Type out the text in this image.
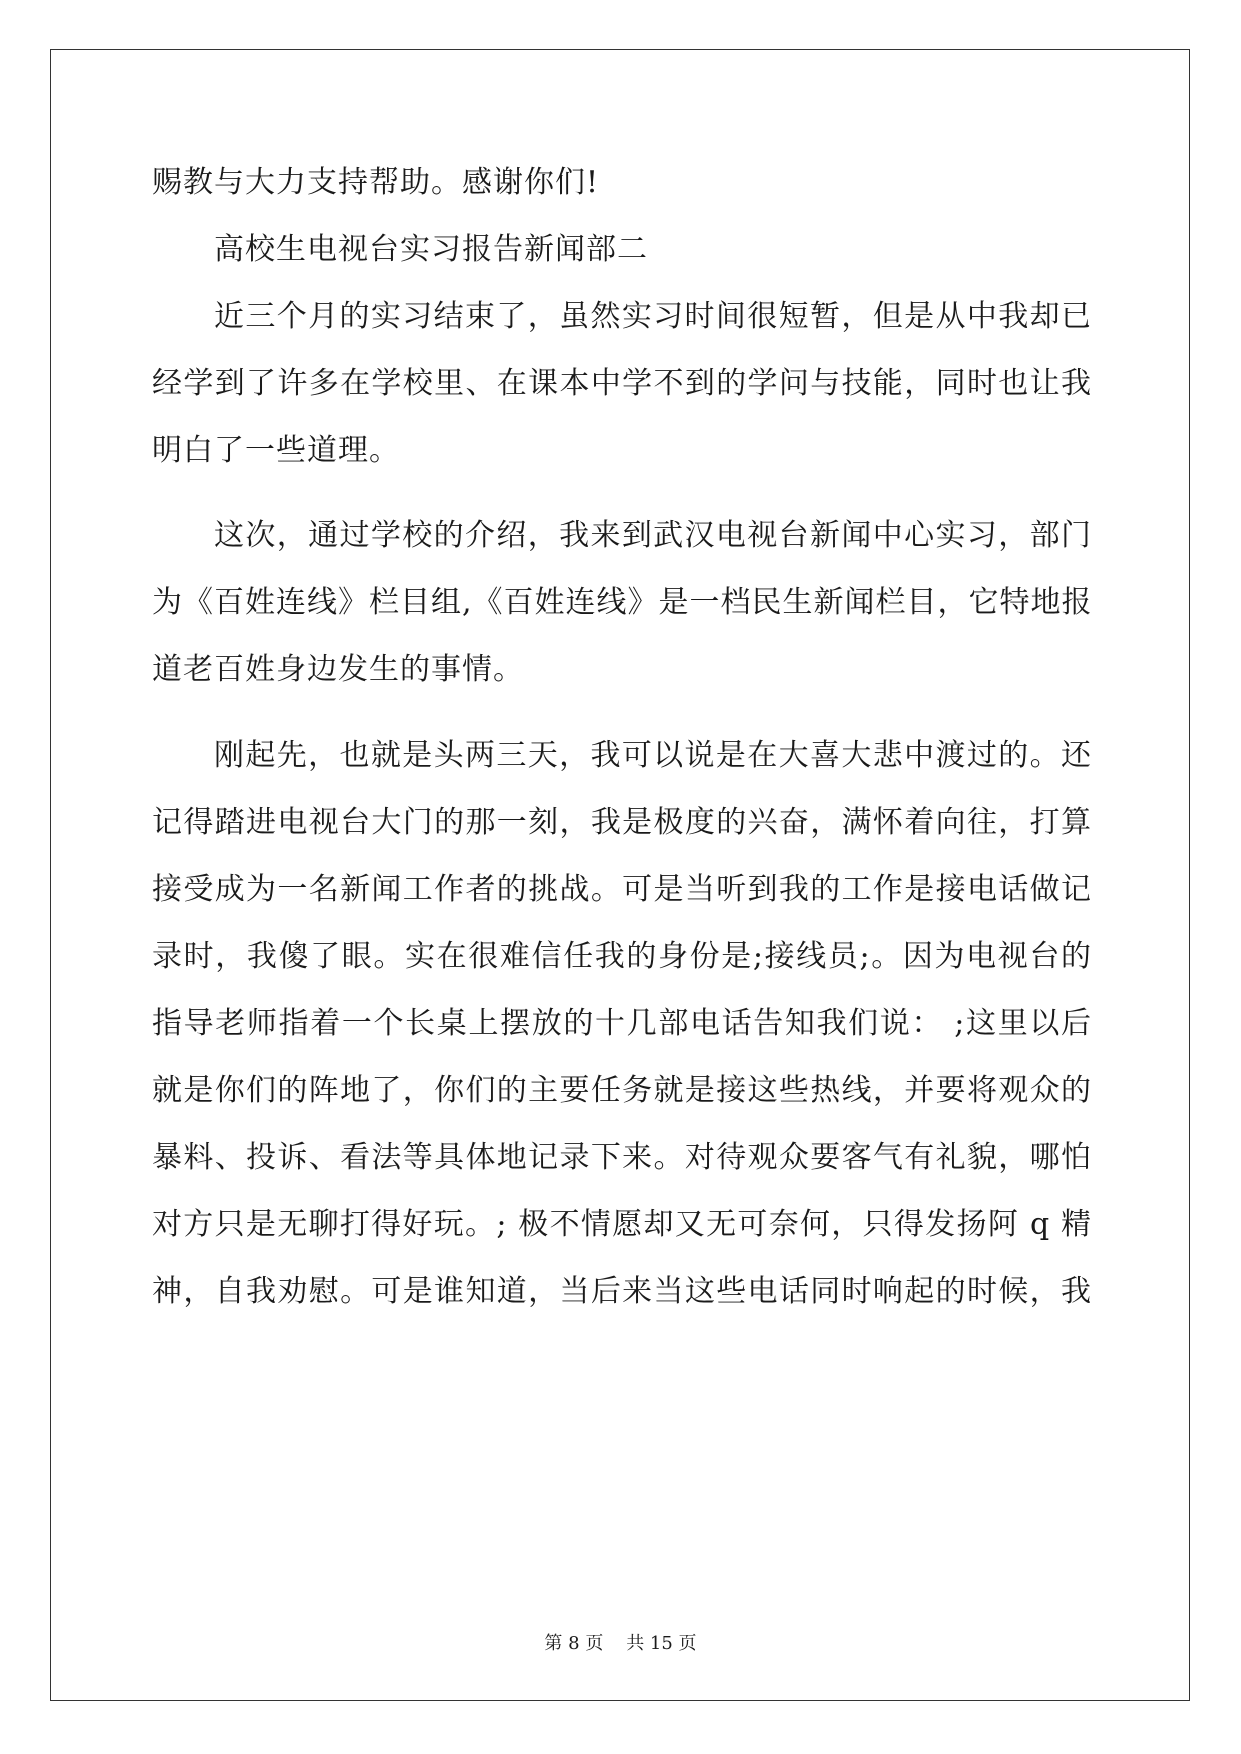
赐教与大力支持帮助。感谢你们!
高校生电视台实习报告新闻部二
近三个月的实习结束了，虽然实习时间很短暂，但是从中我却已
经学到了许多在学校里、在课本中学不到的学问与技能，同时也让我
明白了一些道理。
这次，通过学校的介绍，我来到武汉电视台新闻中心实习，部门
为《百姓连线》栏目组,《百姓连线》是一档民生新闻栏目，它特地报
道老百姓身边发生的事情。
刚起先，也就是头两三天，我可以说是在大喜大悲中渡过的。还
记得踏进电视台大门的那一刻，我是极度的兴奋，满怀着向往，打算
接受成为一名新闻工作者的挑战。可是当听到我的工作是接电话做记
录时，我傻了眼。实在很难信任我的身份是;接线员;。因为电视台的
指导老师指着一个长桌上摆放的十几部电话告知我们说： ;这里以后
就是你们的阵地了，你们的主要任务就是接这些热线，并要将观众的
暴料、投诉、看法等具体地记录下来。对待观众要客气有礼貌，哪怕
对方只是无聊打得好玩。; 极不情愿却又无可奈何，只得发扬阿 q 精
神，自我劝慰。可是谁知道，当后来当这些电话同时响起的时候，我
第 8 页    共 15 页
